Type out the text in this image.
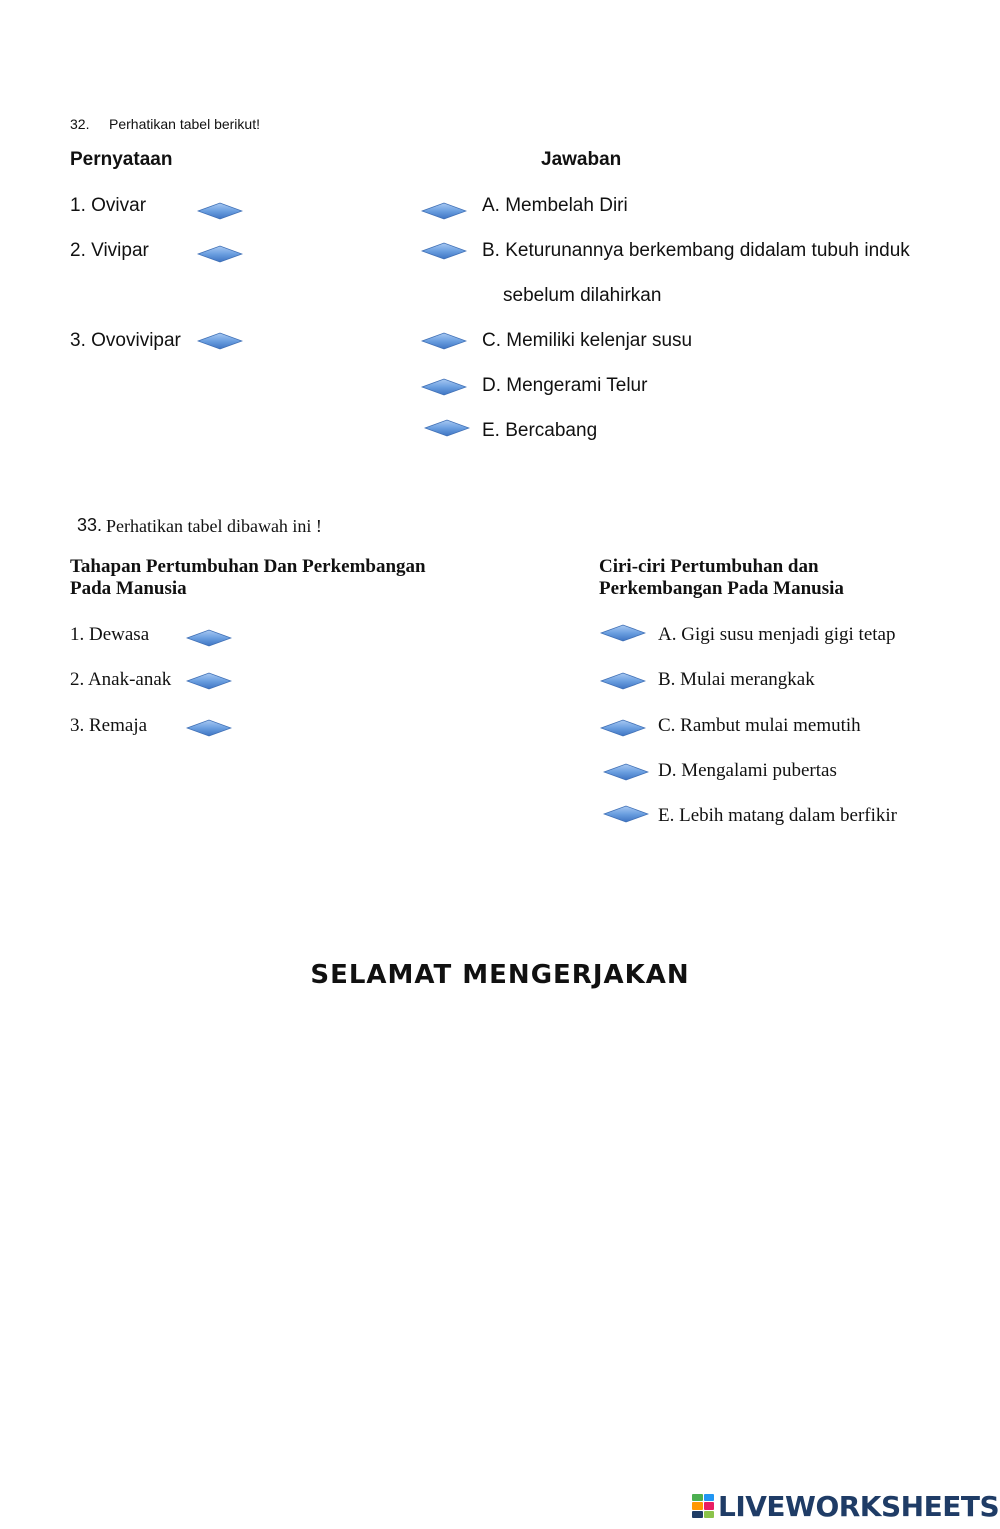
32. Perhatikan tabel berikut!
Pernyataan	Jawaban
1. Ovivar
2. Vivipar
3. Ovovivipar
A. Membelah Diri
B. Keturunannya berkembang didalam tubuh induk
sebelum dilahirkan
C. Memiliki kelenjar susu
D. Mengerami Telur
E. Bercabang
33. Perhatikan tabel dibawah ini !
Tahapan Pertumbuhan Dan Perkembangan Pada Manusia
Ciri-ciri Pertumbuhan dan Perkembangan Pada Manusia
1. Dewasa
2. Anak-anak
3. Remaja
A. Gigi susu menjadi gigi tetap
B. Mulai merangkak
C. Rambut mulai memutih
D. Mengalami pubertas
E. Lebih matang dalam berfikir
SELAMAT MENGERJAKAN
LIVEWORKSHEETS
